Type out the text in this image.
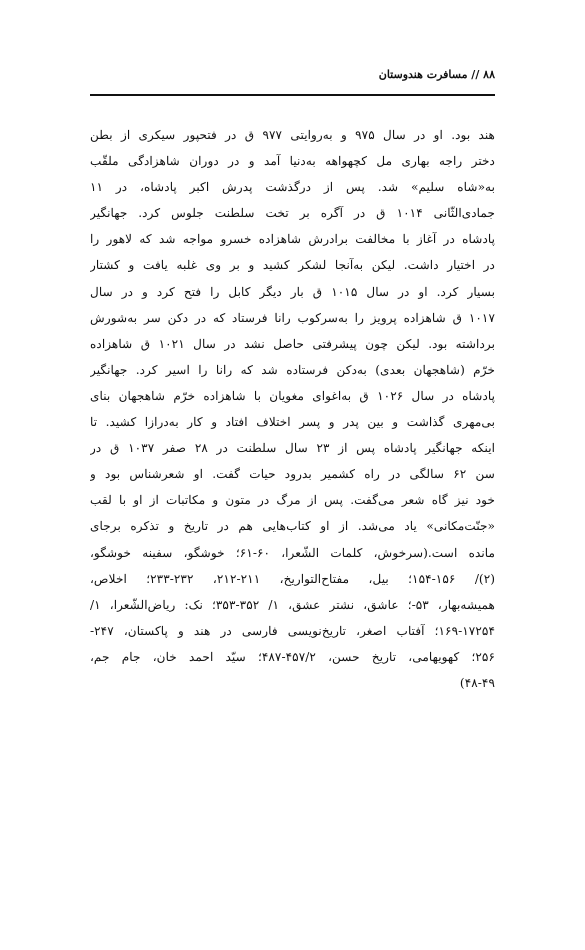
۸۸ // مسافرت هندوستان
هند بود. او در سال ۹۷۵ و به‌روایتی ۹۷۷ ق در فتحپور سیکری از بطن
دختر راجه بهاری مل کچهواهه به‌دنیا آمد و در دوران شاهزادگی ملقّب
به«شاه سلیم» شد. پس از درگذشت پدرش اکبر پادشاه، در ۱۱
جمادی‌الثّانی ۱۰۱۴ ق در آگره بر تخت سلطنت جلوس کرد. جهانگیر
پادشاه در آغاز با مخالفت برادرش شاهزاده خسرو مواجه شد که لاهور را
در اختیار داشت. لیکن به‌آنجا لشکر کشید و بر وی غلبه یافت و کشتار
بسیار کرد. او در سال ۱۰۱۵ ق بار دیگر کابل را فتح کرد و در سال
۱۰۱۷ ق شاهزاده پرویز را به‌سرکوب رانا فرستاد که در دکن سر به‌شورش
برداشته بود. لیکن چون پیشرفتی حاصل نشد در سال ۱۰۲۱ ق شاهزاده
خرّم (شاهجهان بعدی) به‌دکن فرستاده شد که رانا را اسیر کرد. جهانگیر
پادشاه در سال ۱۰۲۶ ق به‌اغوای مغویان با شاهزاده خرّم شاهجهان بنای
بی‌مهری گذاشت و بین پدر و پسر اختلاف افتاد و کار به‌درازا کشید. تا
اینکه جهانگیر پادشاه پس از ۲۳ سال سلطنت در ۲۸ صفر ۱۰۳۷ ق در
سن ۶۲ سالگی در راه کشمیر بدرود حیات گفت. او شعرشناس بود و
خود نیز گاه شعر می‌گفت. پس از مرگ در متون و مکاتبات از او با لقب
«جنّت‌مکانی» یاد می‌شد. از او کتاب‌هایی هم در تاریخ و تذکره برجای
مانده است.(سرخوش، کلمات الشّعرا، ۶۰-۶۱؛ خوشگو، سفینه خوشگو،
(۲)/ ۱۵۴-۱۵۶؛ بیل، مفتاح‌التواریخ، ۲۱۱-۲۱۲، ۲۳۲-۲۳۳؛ اخلاص،
همیشه‌بهار، ۵۳-؛ عاشق، نشتر عشق، ۱/ ۳۵۲-۳۵۳؛ نک: ریاض‌الشّعرا، ۱/
۱۶۹-۱۷۲۵۴؛ آفتاب اصغر، تاریخ‌نویسی فارسی در هند و پاکستان، ۲۴۷-
۲۵۶؛ کهویهامی، تاریخ حسن، ۴۵۷/۲-۴۸۷؛ سیّد احمد خان، جام جم،
۴۸-۴۹)
